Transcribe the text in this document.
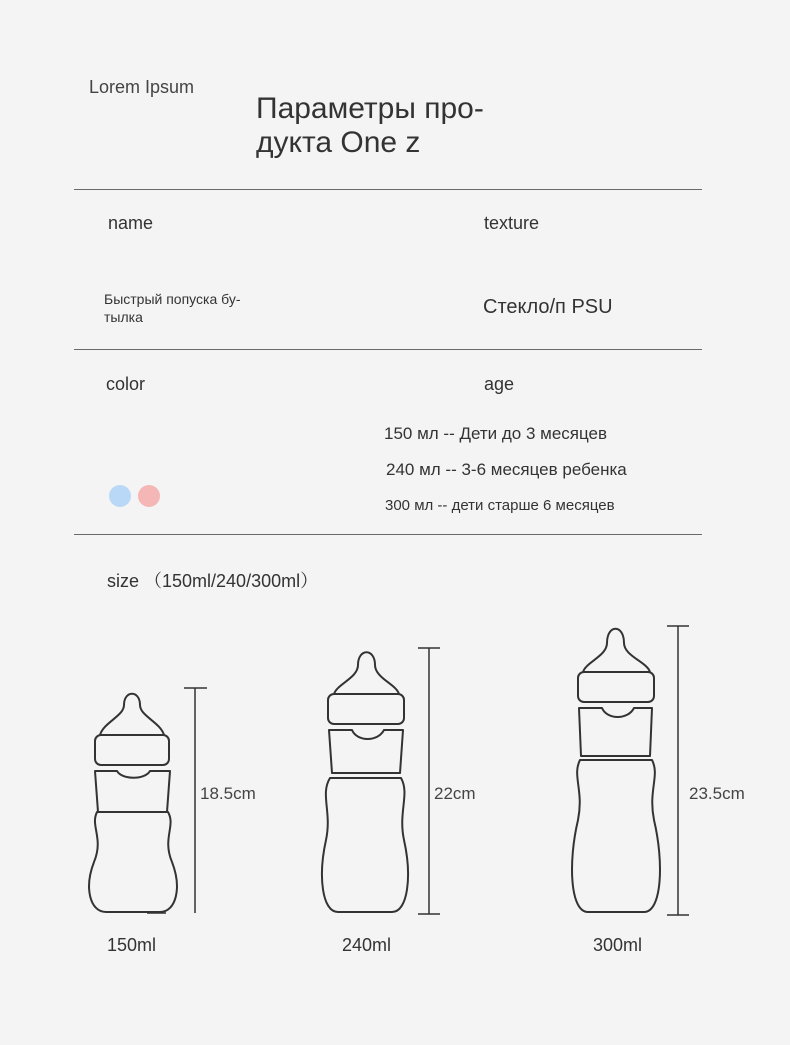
Lorem Ipsum
Параметры про-
дукта One z
name	texture
Быстрый попуска бу-тылка	Стекло/п PSU
color	age
150 мл -- Дети до 3 месяцев
240 мл -- 3-6 месяцев ребенка
300 мл -- дети старше 6 месяцев
size （150ml/240/300ml）
18.5cm	22cm	23.5cm
150ml	240ml	300ml
